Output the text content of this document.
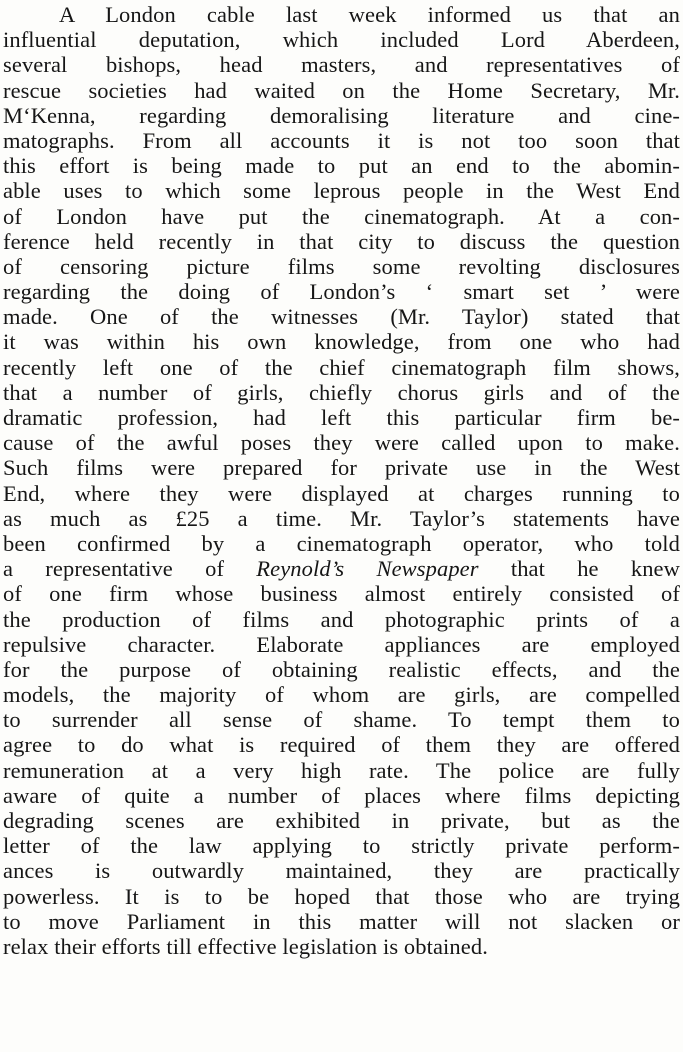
A London cable last week informed us that an
influential deputation, which included Lord Aberdeen,
several bishops, head masters, and representatives of
rescue societies had waited on the Home Secretary, Mr.
M‘Kenna, regarding demoralising literature and cine-
matographs. From all accounts it is not too soon that
this effort is being made to put an end to the abomin-
able uses to which some leprous people in the West End
of London have put the cinematograph. At a con-
ference held recently in that city to discuss the question
of censoring picture films some revolting disclosures
regarding the doing of London’s ‘ smart set ’ were
made. One of the witnesses (Mr. Taylor) stated that
it was within his own knowledge, from one who had
recently left one of the chief cinematograph film shows,
that a number of girls, chiefly chorus girls and of the
dramatic profession, had left this particular firm be-
cause of the awful poses they were called upon to make.
Such films were prepared for private use in the West
End, where they were displayed at charges running to
as much as £25 a time. Mr. Taylor’s statements have
been confirmed by a cinematograph operator, who told
a representative of Reynold’s Newspaper that he knew
of one firm whose business almost entirely consisted of
the production of films and photographic prints of a
repulsive character. Elaborate appliances are employed
for the purpose of obtaining realistic effects, and the
models, the majority of whom are girls, are compelled
to surrender all sense of shame. To tempt them to
agree to do what is required of them they are offered
remuneration at a very high rate. The police are fully
aware of quite a number of places where films depicting
degrading scenes are exhibited in private, but as the
letter of the law applying to strictly private perform-
ances is outwardly maintained, they are practically
powerless. It is to be hoped that those who are trying
to move Parliament in this matter will not slacken or
relax their efforts till effective legislation is obtained.
